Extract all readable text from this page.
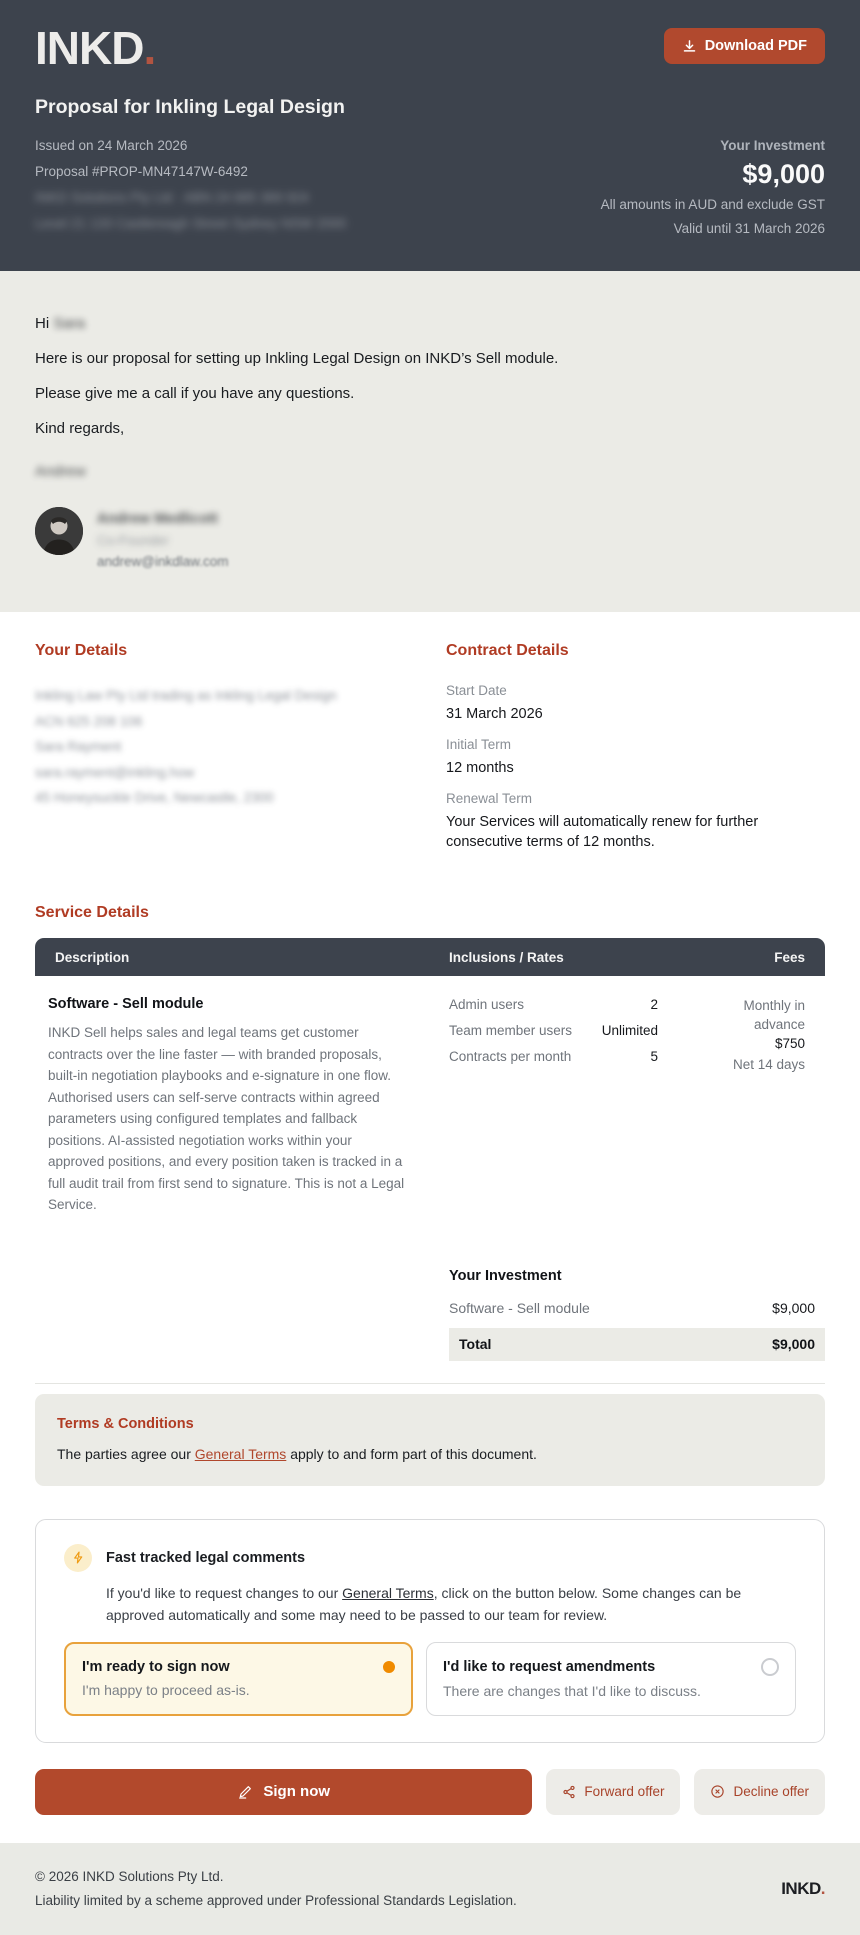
INKD.	Download PDF
Proposal for Inkling Legal Design
Issued on 24 March 2026
Proposal #PROP-MN47147W-6492
INKD Solutions Pty Ltd · ABN 24 685 369 924
Level 21 133 Castlereagh Street Sydney NSW 2000
Your Investment
$9,000
All amounts in AUD and exclude GST
Valid until 31 March 2026

Hi Sara

Here is our proposal for setting up Inkling Legal Design on INKD’s Sell module.

Please give me a call if you have any questions.

Kind regards,

Andrew

Andrew Medlicott
Co-Founder
andrew@inkdlaw.com
Your Details
Inkling Law Pty Ltd trading as Inkling Legal Design
ACN 625 208 106
Sara Rayment
sara.rayment@inkling.how
45 Honeysuckle Drive, Newcastle, 2300
Contract Details
Start Date
31 March 2026
Initial Term
12 months
Renewal Term
Your Services will automatically renew for further consecutive terms of 12 months.
Service Details
Description	Inclusions / Rates	Fees
Software - Sell module
INKD Sell helps sales and legal teams get customer contracts over the line faster — with branded proposals, built-in negotiation playbooks and e-signature in one flow. Authorised users can self-serve contracts within agreed parameters using configured templates and fallback positions. AI-assisted negotiation works within your approved positions, and every position taken is tracked in a full audit trail from first send to signature. This is not a Legal Service.
Admin users	2
Team member users Unlimited
Contracts per month	5
Monthly in advance
$750
Net 14 days
Your Investment
Software - Sell module	$9,000
Total	$9,000
Terms & Conditions
The parties agree our General Terms apply to and form part of this document.
Fast tracked legal comments
If you'd like to request changes to our General Terms, click on the button below. Some changes can be approved automatically and some may need to be passed to our team for review.
I'm ready to sign now
I'm happy to proceed as-is.
I'd like to request amendments
There are changes that I'd like to discuss.
Sign now	Forward offer	Decline offer
© 2026 INKD Solutions Pty Ltd.
Liability limited by a scheme approved under Professional Standards Legislation.
INKD.
